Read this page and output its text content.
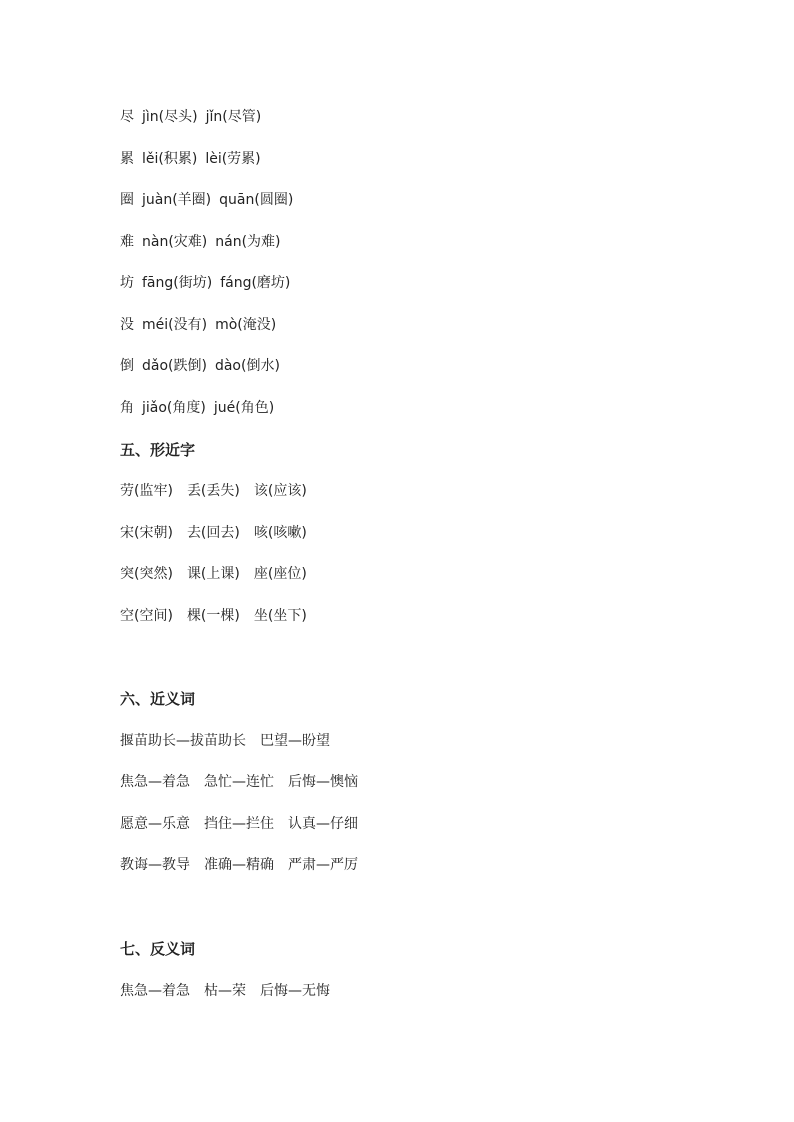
尽 jìn(尽头) jǐn(尽管)
累 lěi(积累) lèi(劳累)
圈 juàn(羊圈) quān(圆圈)
难 nàn(灾难) nán(为难)
坊 fāng(街坊) fáng(磨坊)
没 méi(没有) mò(淹没)
倒 dǎo(跌倒) dào(倒水)
角 jiǎo(角度) jué(角色)
五、形近字
劳(监牢) 丢(丢失) 该(应该)
宋(宋朝) 去(回去) 咳(咳嗽)
突(突然) 课(上课) 座(座位)
空(空间) 棵(一棵) 坐(坐下)
六、近义词
揠苗助长—拔苗助长 巴望—盼望
焦急—着急 急忙—连忙 后悔—懊恼
愿意—乐意 挡住—拦住 认真—仔细
教诲—教导 准确—精确 严肃—严厉
七、反义词
焦急—着急 枯—荣 后悔—无悔
